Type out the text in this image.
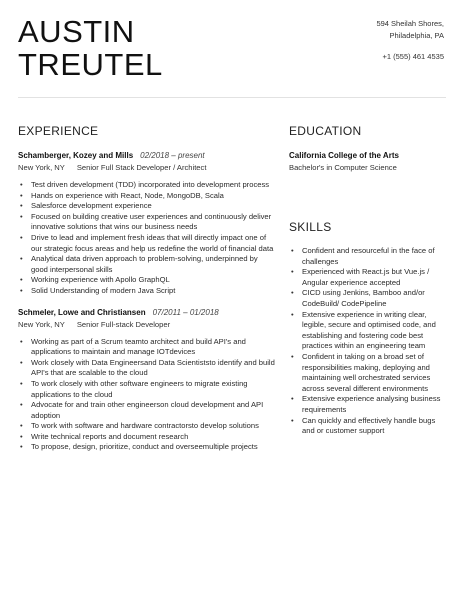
AUSTIN
TREUTEL
594 Sheilah Shores,
Philadelphia, PA
+1 (555) 461 4535
EXPERIENCE
Schamberger, Kozey and Mills 02/2018 – present
New York, NY Senior Full Stack Developer / Architect
• Test driven development (TDD) incorporated into development process
• Hands on experience with React, Node, MongoDB, Scala
• Salesforce development experience
• Focused on building creative user experiences and continuously deliver innovative solutions that wins our business needs
• Drive to lead and implement fresh ideas that will directly impact one of our strategic focus areas and help us redefine the world of financial data
• Analytical data driven approach to problem-solving, underpinned by good interpersonal skills
• Working experience with Apollo GraphQL
• Solid Understanding of modern Java Script
Schmeler, Lowe and Christiansen 07/2011 – 01/2018
New York, NY Senior Full-stack Developer
• Working as part of a Scrum teamto architect and build API's and applications to maintain and manage IOTdevices
• Work closely with Data Engineersand Data Scientiststo identify and build API's that are scalable to the cloud
• To work closely with other software engineers to migrate existing applications to the cloud
• Advocate for and train other engineerson cloud development and API adoption
• To work with software and hardware contractorsto develop solutions
• Write technical reports and document research
• To propose, design, prioritize, conduct and overseemultiple projects
EDUCATION
California College of the Arts
Bachelor's in Computer Science
SKILLS
• Confident and resourceful in the face of challenges
• Experienced with React.js but Vue.js / Angular experience accepted
• CICD using Jenkins, Bamboo and/or CodeBuild/ CodePipeline
• Extensive experience in writing clear, legible, secure and optimised code, and establishing and fostering code best practices within an engineering team
• Confident in taking on a broad set of responsibilities making, deploying and maintaining well orchestrated services across several different environments
• Extensive experience analysing business requirements
• Can quickly and effectively handle bugs and or customer support
